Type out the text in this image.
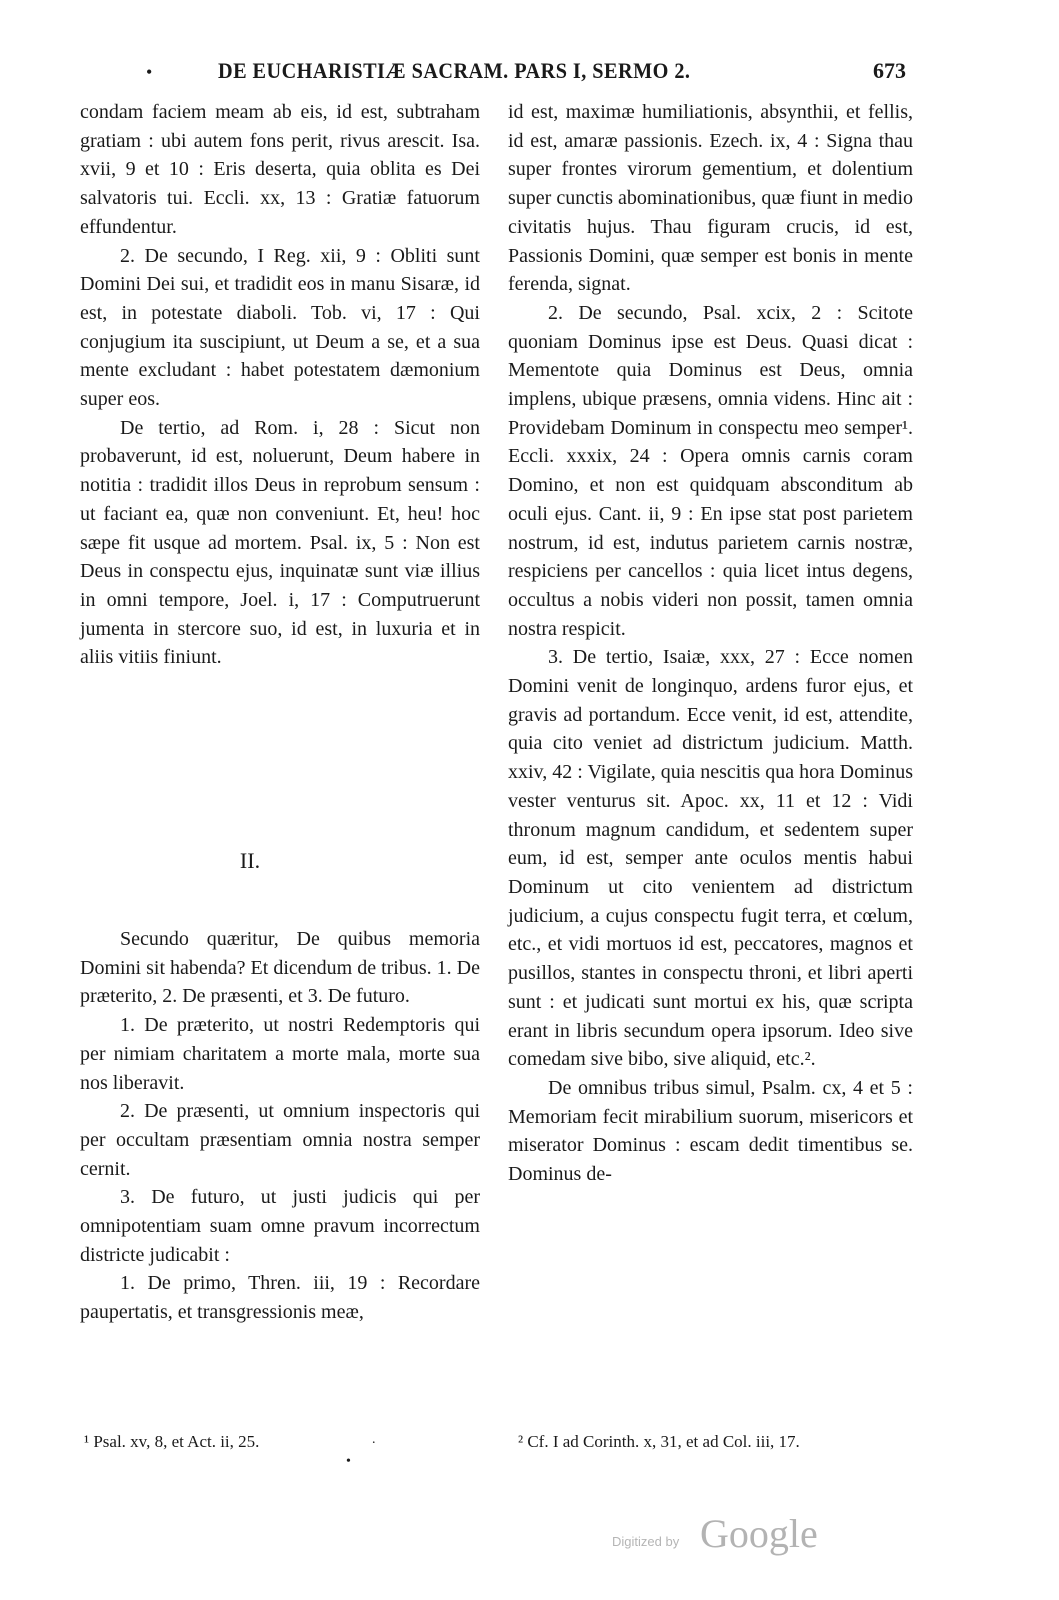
•	DE EUCHARISTIÆ SACRAM. PARS I, SERMO 2.	673

condam faciem meam ab eis, id est, subtraham gratiam : ubi autem fons perit, rivus arescit. Isa. xvii, 9 et 10 : Eris deserta, quia oblita es Dei salvatoris tui. Eccli. xx, 13 : Gratiæ fatuorum effundentur.

2. De secundo, I Reg. xii, 9 : Obliti sunt Domini Dei sui, et tradidit eos in manu Sisaræ, id est, in potestate diaboli. Tob. vi, 17 : Qui conjugium ita suscipiunt, ut Deum a se, et a sua mente excludant : habet potestatem dæmonium super eos.

De tertio, ad Rom. i, 28 : Sicut non probaverunt, id est, noluerunt, Deum habere in notitia : tradidit illos Deus in reprobum sensum : ut faciant ea, quæ non conveniunt. Et, heu! hoc sæpe fit usque ad mortem. Psal. ix, 5 : Non est Deus in conspectu ejus, inquinatæ sunt viæ illius in omni tempore, Joel. i, 17 : Computruerunt jumenta in stercore suo, id est, in luxuria et in aliis vitiis finiunt.

II.

Secundo quæritur, De quibus memoria Domini sit habenda? Et dicendum de tribus. 1. De præterito, 2. De præsenti, et 3. De futuro.

1. De præterito, ut nostri Redemptoris qui per nimiam charitatem a morte mala, morte sua nos liberavit.

2. De præsenti, ut omnium inspectoris qui per occultam præsentiam omnia nostra semper cernit.

3. De futuro, ut justi judicis qui per omnipotentiam suam omne pravum incorrectum districte judicabit :

1. De primo, Thren. iii, 19 : Recordare paupertatis, et transgressionis meæ,

id est, maximæ humiliationis, absynthii, et fellis, id est, amaræ passionis. Ezech. ix, 4 : Signa thau super frontes virorum gementium, et dolentium super cunctis abominationibus, quæ fiunt in medio civitatis hujus. Thau figuram crucis, id est, Passionis Domini, quæ semper est bonis in mente ferenda, signat.

2. De secundo, Psal. xcix, 2 : Scitote quoniam Dominus ipse est Deus. Quasi dicat : Mementote quia Dominus est Deus, omnia implens, ubique præsens, omnia videns. Hinc ait : Providebam Dominum in conspectu meo semper¹. Eccli. xxxix, 24 : Opera omnis carnis coram Domino, et non est quidquam absconditum ab oculi ejus. Cant. ii, 9 : En ipse stat post parietem nostrum, id est, indutus parietem carnis nostræ, respiciens per cancellos : quia licet intus degens, occultus a nobis videri non possit, tamen omnia nostra respicit.

3. De tertio, Isaiæ, xxx, 27 : Ecce nomen Domini venit de longinquo, ardens furor ejus, et gravis ad portandum. Ecce venit, id est, attendite, quia cito veniet ad districtum judicium. Matth. xxiv, 42 : Vigilate, quia nescitis qua hora Dominus vester venturus sit. Apoc. xx, 11 et 12 : Vidi thronum magnum candidum, et sedentem super eum, id est, semper ante oculos mentis habui Dominum ut cito venientem ad districtum judicium, a cujus conspectu fugit terra, et cœlum, etc., et vidi mortuos id est, peccatores, magnos et pusillos, stantes in conspectu throni, et libri aperti sunt : et judicati sunt mortui ex his, quæ scripta erant in libris secundum opera ipsorum. Ideo sive comedam sive bibo, sive aliquid, etc.².

De omnibus tribus simul, Psalm. cx, 4 et 5 : Memoriam fecit mirabilium suorum, misericors et miserator Dominus : escam dedit timentibus se. Dominus de-

¹ Psal. xv, 8, et Act. ii, 25.	.
•
² Cf. I ad Corinth. x, 31, et ad Col. iii, 17.
Digitized by Google
